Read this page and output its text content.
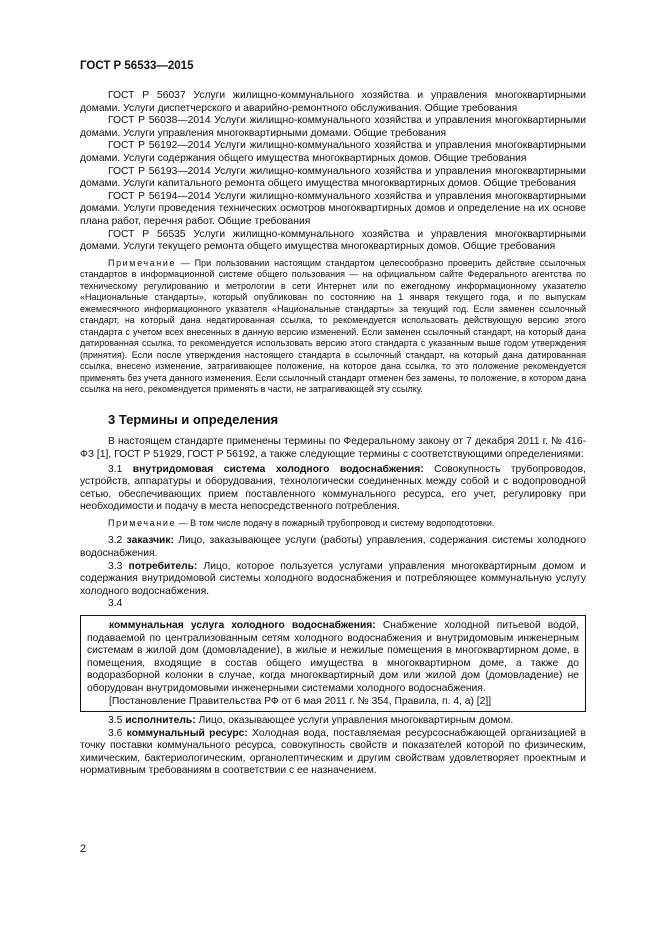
ГОСТ Р 56533—2015

ГОСТ Р 56037 Услуги жилищно-коммунального хозяйства и управления многоквартирными домами. Услуги диспетчерского и аварийно-ремонтного обслуживания. Общие требования

ГОСТ Р 56038—2014 Услуги жилищно-коммунального хозяйства и управления многоквартирными домами. Услуги управления многоквартирными домами. Общие требования

ГОСТ Р 56192—2014 Услуги жилищно-коммунального хозяйства и управления многоквартирными домами. Услуги содержания общего имущества многоквартирных домов. Общие требования

ГОСТ Р 56193—2014 Услуги жилищно-коммунального хозяйства и управления многоквартирными домами. Услуги капитального ремонта общего имущества многоквартирных домов. Общие требования

ГОСТ Р 56194—2014 Услуги жилищно-коммунального хозяйства и управления многоквартирными домами. Услуги проведения технических осмотров многоквартирных домов и определение на их основе плана работ, перечня работ. Общие требования

ГОСТ Р 56535 Услуги жилищно-коммунального хозяйства и управления многоквартирными домами. Услуги текущего ремонта общего имущества многоквартирных домов. Общие требования

Примечание — При пользовании настоящим стандартом целесообразно проверить действие ссылочных стандартов в информационной системе общего пользования — на официальном сайте Федерального агентства по техническому регулированию и метрологии в сети Интернет или по ежегодному информационному указателю «Национальные стандарты», который опубликован по состоянию на 1 января текущего года, и по выпускам ежемесячного информационного указателя «Национальные стандарты» за текущий год. Если заменен ссылочный стандарт, на который дана недатированная ссылка, то рекомендуется использовать действующую версию этого стандарта с учетом всех внесенных в данную версию изменений. Если заменен ссылочный стандарт, на который дана датированная ссылка, то рекомендуется использовать версию этого стандарта с указанным выше годом утверждения (принятия). Если после утверждения настоящего стандарта в ссылочный стандарт, на который дана датированная ссылка, внесено изменение, затрагивающее положение, на которое дана ссылка, то это положение рекомендуется применять без учета данного изменения. Если ссылочный стандарт отменен без замены, то положение, в котором дана ссылка на него, рекомендуется применять в части, не затрагивающей эту ссылку.

3 Термины и определения

В настоящем стандарте применены термины по Федеральному закону от 7 декабря 2011 г. № 416-ФЗ [1], ГОСТ Р 51929, ГОСТ Р 56192, а также следующие термины с соответствующими определениями:

3.1 внутридомовая система холодного водоснабжения: Совокупность трубопроводов, устройств, аппаратуры и оборудования, технологически соединенных между собой и с водопроводной сетью, обеспечивающих прием поставленного коммунального ресурса, его учет, регулировку при необходимости и подачу в места непосредственного потребления.

Примечание — В том числе подачу в пожарный трубопровод и систему водоподготовки.

3.2 заказчик: Лицо, заказывающее услуги (работы) управления, содержания системы холодного водоснабжения.

3.3 потребитель: Лицо, которое пользуется услугами управления многоквартирным домом и содержания внутридомовой системы холодного водоснабжения и потребляющее коммунальную услугу холодного водоснабжения.

3.4

коммунальная услуга холодного водоснабжения: Снабжение холодной питьевой водой, подаваемой по централизованным сетям холодного водоснабжения и внутридомовым инженерным системам в жилой дом (домовладение), в жилые и нежилые помещения в многоквартирном доме, в помещения, входящие в состав общего имущества в многоквартирном доме, а также до водоразборной колонки в случае, когда многоквартирный дом или жилой дом (домовладение) не оборудован внутридомовыми инженерными системами холодного водоснабжения.

[Постановление Правительства РФ от 6 мая 2011 г. № 354, Правила, п. 4, а) [2]]

3.5 исполнитель: Лицо, оказывающее услуги управления многоквартирным домом.

3.6 коммунальный ресурс: Холодная вода, поставляемая ресурсоснабжающей организацией в точку поставки коммунального ресурса, совокупность свойств и показателей которой по физическим, химическим, бактериологическим, органолептическим и другим свойствам удовлетворяет проектным и нормативным требованиям в соответствии с ее назначением.

2
